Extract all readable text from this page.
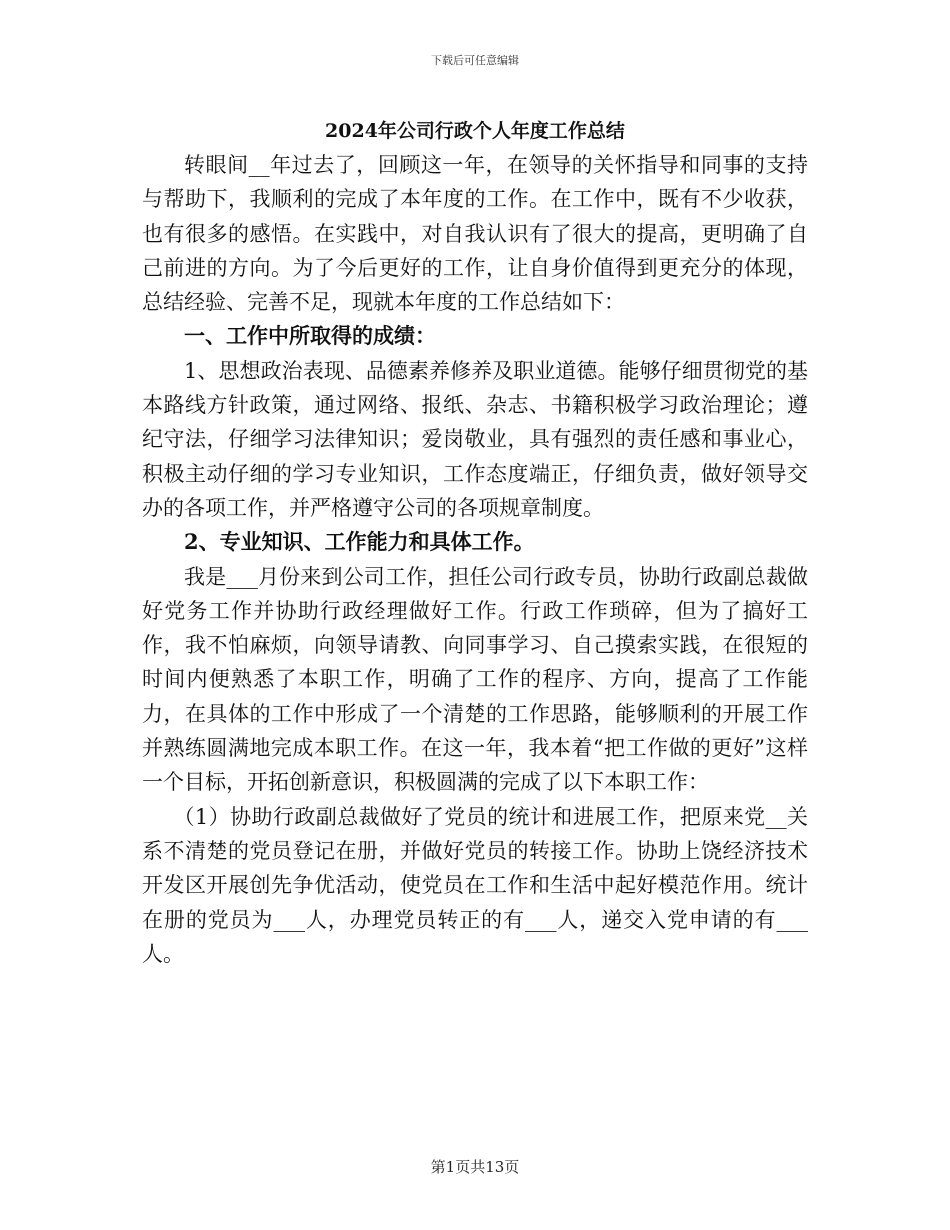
下载后可任意编辑
2024年公司行政个人年度工作总结

转眼间__年过去了，回顾这一年，在领导的关怀指导和同事的支持与帮助下，我顺利的完成了本年度的工作。在工作中，既有不少收获，也有很多的感悟。在实践中，对自我认识有了很大的提高，更明确了自己前进的方向。为了今后更好的工作，让自身价值得到更充分的体现，总结经验、完善不足，现就本年度的工作总结如下：

一、工作中所取得的成绩：

1、思想政治表现、品德素养修养及职业道德。能够仔细贯彻党的基本路线方针政策，通过网络、报纸、杂志、书籍积极学习政治理论；遵纪守法，仔细学习法律知识；爱岗敬业，具有强烈的责任感和事业心，积极主动仔细的学习专业知识，工作态度端正，仔细负责，做好领导交办的各项工作，并严格遵守公司的各项规章制度。

2、专业知识、工作能力和具体工作。

我是___月份来到公司工作，担任公司行政专员，协助行政副总裁做好党务工作并协助行政经理做好工作。行政工作琐碎，但为了搞好工作，我不怕麻烦，向领导请教、向同事学习、自己摸索实践，在很短的时间内便熟悉了本职工作，明确了工作的程序、方向，提高了工作能力，在具体的工作中形成了一个清楚的工作思路，能够顺利的开展工作并熟练圆满地完成本职工作。在这一年，我本着“把工作做的更好”这样一个目标，开拓创新意识，积极圆满的完成了以下本职工作：

（1）协助行政副总裁做好了党员的统计和进展工作，把原来党__关系不清楚的党员登记在册，并做好党员的转接工作。协助上饶经济技术开发区开展创先争优活动，使党员在工作和生活中起好模范作用。统计在册的党员为___人，办理党员转正的有___人，递交入党申请的有___人。

第1页共13页
